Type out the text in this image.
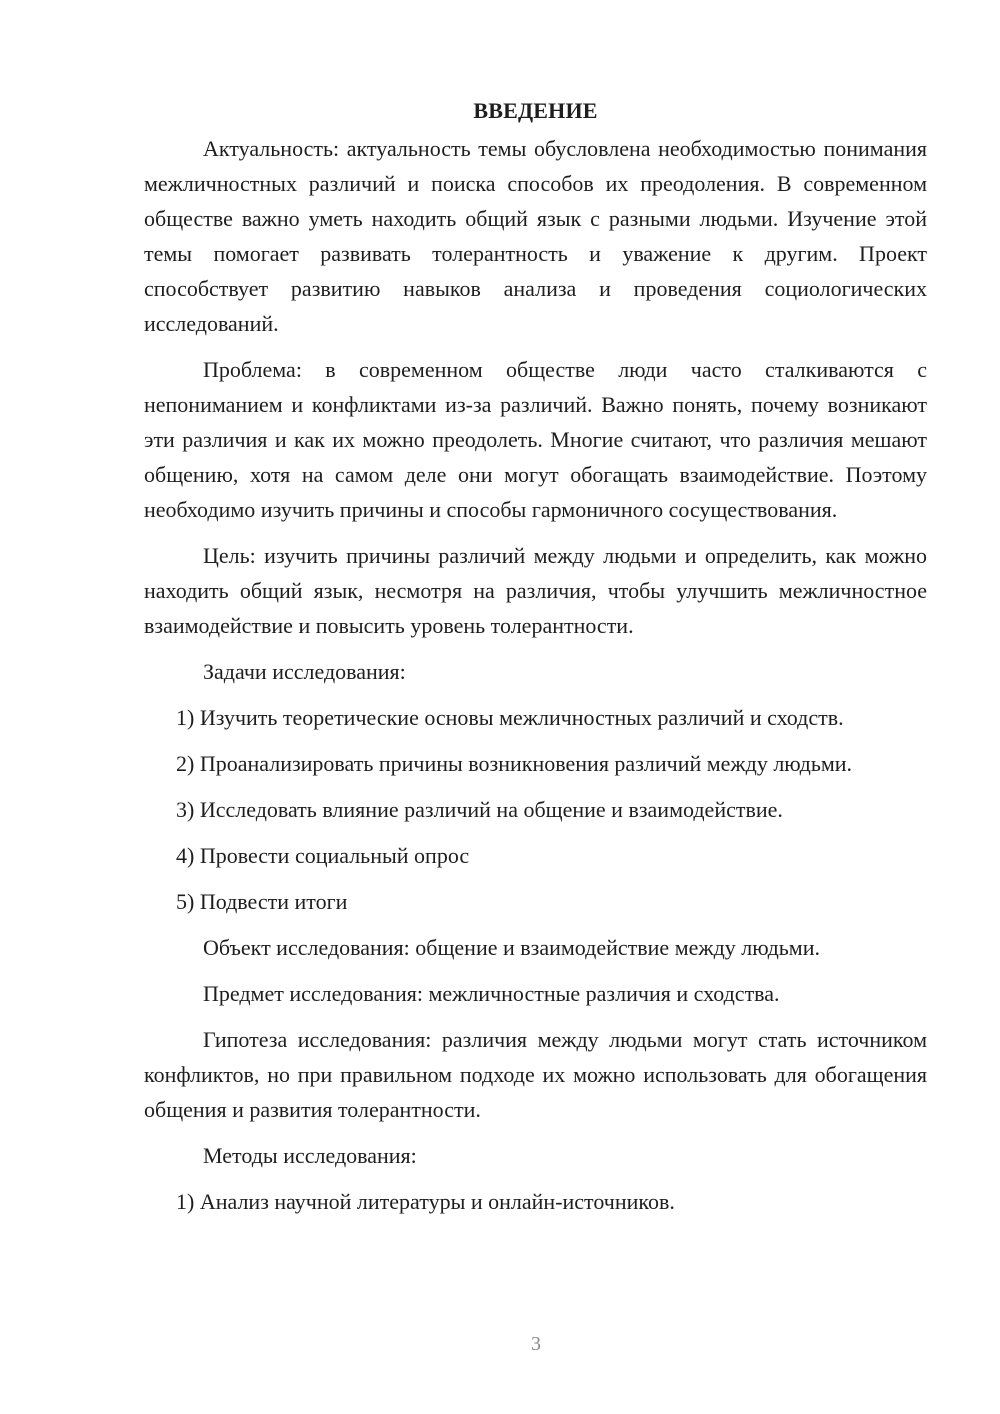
ВВЕДЕНИЕ

Актуальность: актуальность темы обусловлена необходимостью понимания межличностных различий и поиска способов их преодоления. В современном обществе важно уметь находить общий язык с разными людьми. Изучение этой темы помогает развивать толерантность и уважение к другим. Проект способствует развитию навыков анализа и проведения социологических исследований.

Проблема: в современном обществе люди часто сталкиваются с непониманием и конфликтами из-за различий. Важно понять, почему возникают эти различия и как их можно преодолеть. Многие считают, что различия мешают общению, хотя на самом деле они могут обогащать взаимодействие. Поэтому необходимо изучить причины и способы гармоничного сосуществования.

Цель: изучить причины различий между людьми и определить, как можно находить общий язык, несмотря на различия, чтобы улучшить межличностное взаимодействие и повысить уровень толерантности.

Задачи исследования:

1) Изучить теоретические основы межличностных различий и сходств.

2) Проанализировать причины возникновения различий между людьми.

3) Исследовать влияние различий на общение и взаимодействие.

4) Провести социальный опрос

5) Подвести итоги

Объект исследования: общение и взаимодействие между людьми.

Предмет исследования: межличностные различия и сходства.

Гипотеза исследования: различия между людьми могут стать источником конфликтов, но при правильном подходе их можно использовать для обогащения общения и развития толерантности.

Методы исследования:

1) Анализ научной литературы и онлайн-источников.

3
